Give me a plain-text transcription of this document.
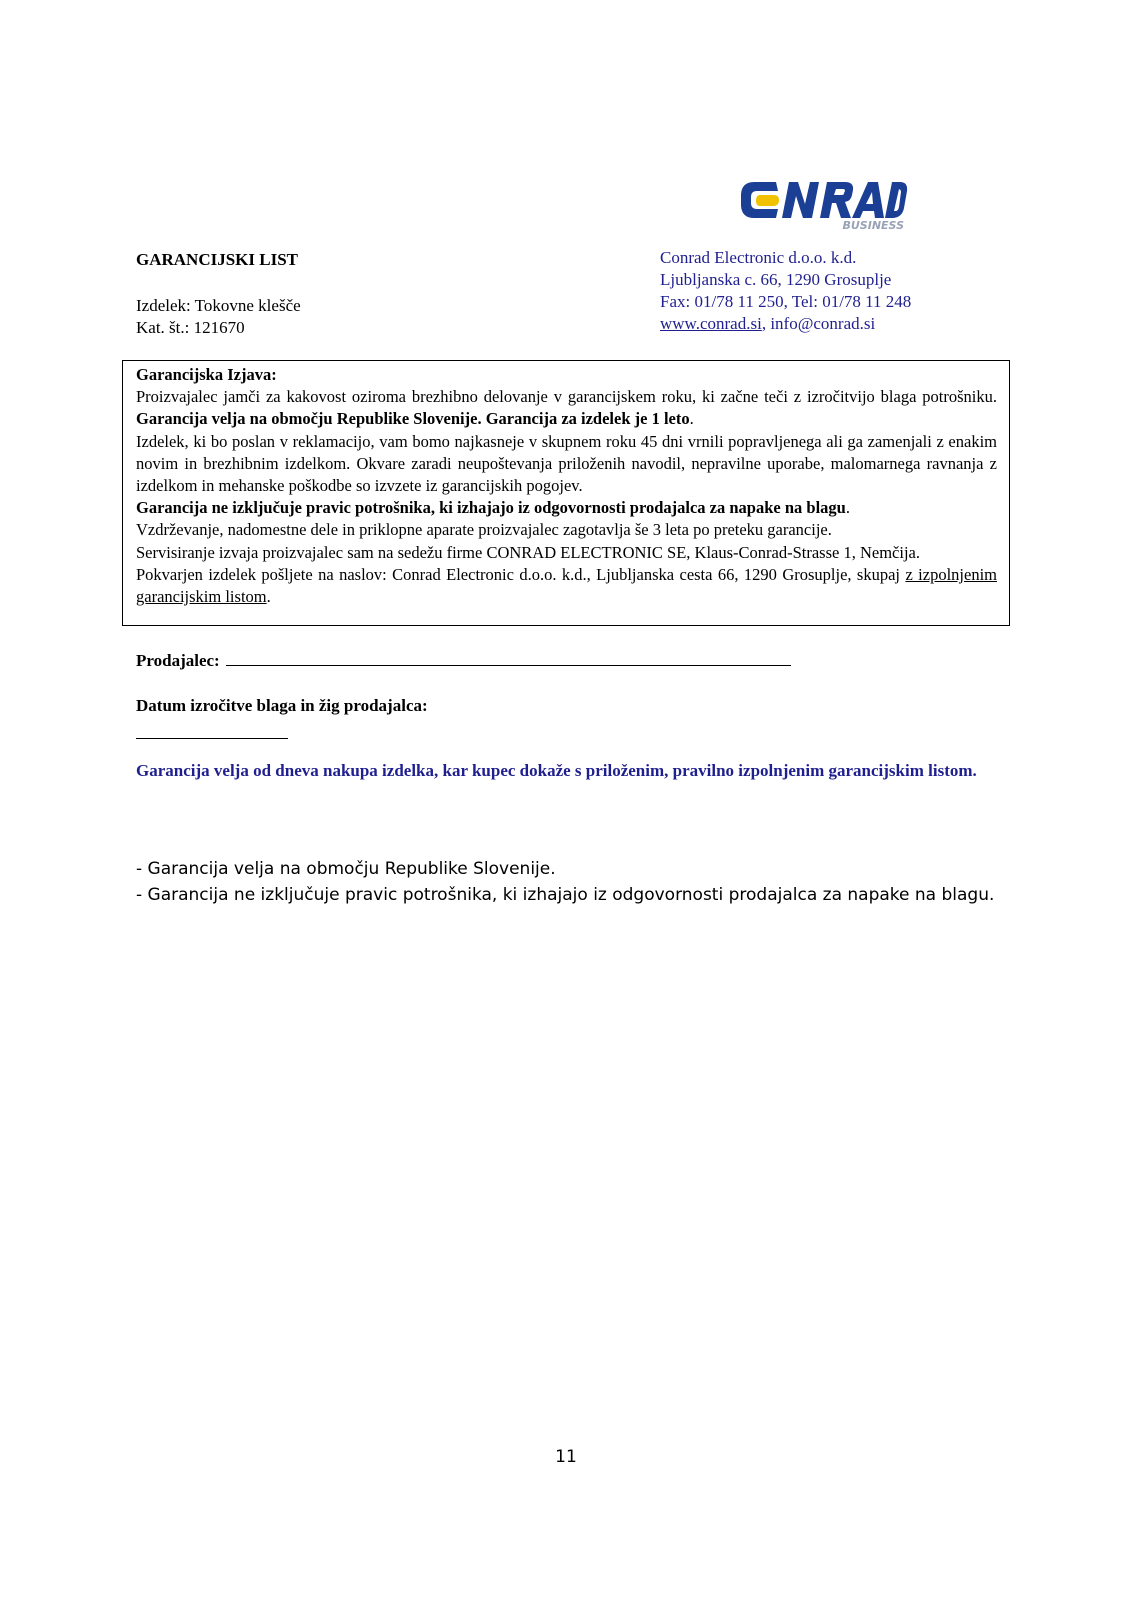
BUSINESS
GARANCIJSKI LIST
Izdelek: Tokovne klešče
Kat. št.: 121670
Conrad Electronic d.o.o. k.d.
Ljubljanska c. 66, 1290 Grosuplje
Fax: 01/78 11 250, Tel: 01/78 11 248
www.conrad.si, info@conrad.si

Garancijska Izjava:

Proizvajalec jamči za kakovost oziroma brezhibno delovanje v garancijskem roku, ki začne teči z izročitvijo blaga potrošniku. Garancija velja na območju Republike Slovenije. Garancija za izdelek je 1 leto.

Izdelek, ki bo poslan v reklamacijo, vam bomo najkasneje v skupnem roku 45 dni vrnili popravljenega ali ga zamenjali z enakim novim in brezhibnim izdelkom. Okvare zaradi neupoštevanja priloženih navodil, nepravilne uporabe, malomarnega ravnanja z izdelkom in mehanske poškodbe so izvzete iz garancijskih pogojev.

Garancija ne izključuje pravic potrošnika, ki izhajajo iz odgovornosti prodajalca za napake na blagu.

Vzdrževanje, nadomestne dele in priklopne aparate proizvajalec zagotavlja še 3 leta po preteku garancije.

Servisiranje izvaja proizvajalec sam na sedežu firme CONRAD ELECTRONIC SE, Klaus-Conrad-Strasse 1, Nemčija.

Pokvarjen izdelek pošljete na naslov: Conrad Electronic d.o.o. k.d., Ljubljanska cesta 66, 1290 Grosuplje, skupaj z izpolnjenim garancijskim listom.

Prodajalec:
Datum izročitve blaga in žig prodajalca:

Garancija velja od dneva nakupa izdelka, kar kupec dokaže s priloženim, pravilno izpolnjenim garancijskim listom.

- Garancija velja na območju Republike Slovenije.
- Garancija ne izključuje pravic potrošnika, ki izhajajo iz odgovornosti prodajalca za napake na blagu.
11
